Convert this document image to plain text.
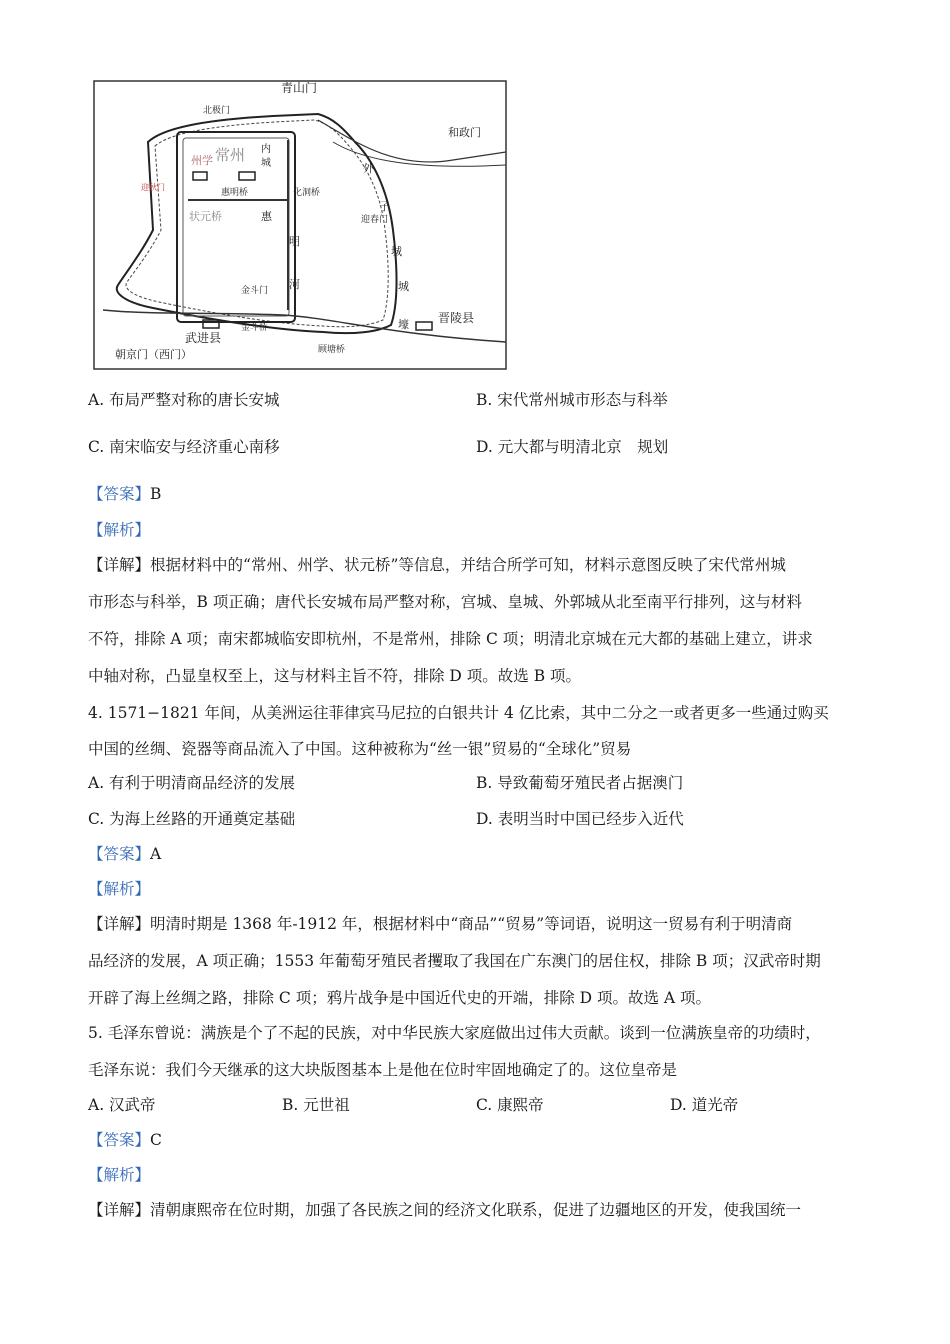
青山门
北极门
和政门
常州
州学
内
城
惠明桥	化洞桥
迎春门
状元桥	惠
明
河
外
子
城
城
壕
金斗门
金斗桥
武进县
晋陵县
顾塘桥
朝京门（西门）
迎秋门
A. 布局严整对称的唐长安城	B. 宋代常州城市形态与科举
C. 南宋临安与经济重心南移	D. 元大都与明清北京　规划
【答案】B
【解析】
【详解】根据材料中的“常州、州学、状元桥”等信息，并结合所学可知，材料示意图反映了宋代常州城
市形态与科举，B 项正确；唐代长安城布局严整对称，宫城、皇城、外郭城从北至南平行排列，这与材料
不符，排除 A 项；南宋都城临安即杭州，不是常州，排除 C 项；明清北京城在元大都的基础上建立，讲求
中轴对称，凸显皇权至上，这与材料主旨不符，排除 D 项。故选 B 项。
4. 1571−1821 年间，从美洲运往菲律宾马尼拉的白银共计 4 亿比索，其中二分之一或者更多一些通过购买
中国的丝绸、瓷器等商品流入了中国。这种被称为“丝一银”贸易的“全球化”贸易
A. 有利于明清商品经济的发展	B. 导致葡萄牙殖民者占据澳门
C. 为海上丝路的开通奠定基础	D. 表明当时中国已经步入近代
【答案】A
【解析】
【详解】明清时期是 1368 年-1912 年，根据材料中“商品”“贸易”等词语，说明这一贸易有利于明清商
品经济的发展，A 项正确；1553 年葡萄牙殖民者攫取了我国在广东澳门的居住权，排除 B 项；汉武帝时期
开辟了海上丝绸之路，排除 C 项；鸦片战争是中国近代史的开端，排除 D 项。故选 A 项。
5. 毛泽东曾说：满族是个了不起的民族，对中华民族大家庭做出过伟大贡献。谈到一位满族皇帝的功绩时，
毛泽东说：我们今天继承的这大块版图基本上是他在位时牢固地确定了的。这位皇帝是
A. 汉武帝	B. 元世祖	C. 康熙帝	D. 道光帝
【答案】C
【解析】
【详解】清朝康熙帝在位时期，加强了各民族之间的经济文化联系，促进了边疆地区的开发，使我国统一
